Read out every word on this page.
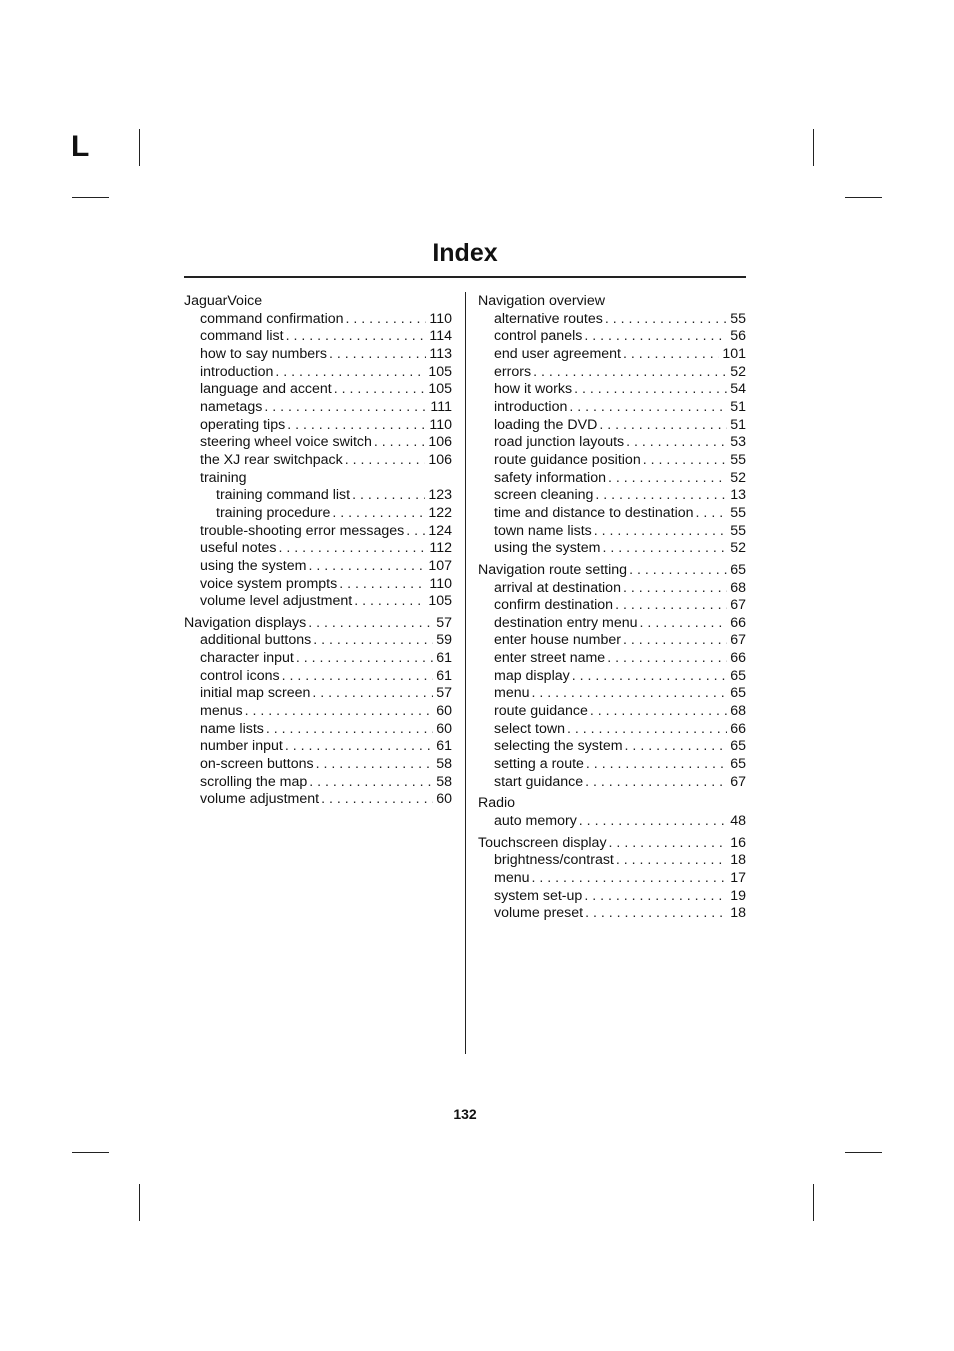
L
Index
JaguarVoice
command confirmation . . .	110
command list . . .	114
how to say numbers . . .	113
introduction . . .	105
language and accent . . .	105
nametags . . .	111
operating tips . . .	110
steering wheel voice switch . . .	106
the XJ rear switchpack . . .	106
training
training command list . . .	123
training procedure . . .	122
trouble-shooting error messages . . . 124
useful notes . . .	112
using the system . . .	107
voice system prompts . . .	110
volume level adjustment . . .	105
Navigation displays . . .	57
additional buttons . . .	59
character input . . .	61
control icons . . .	61
initial map screen . . .	57
menus . . .	60
name lists . . .	60
number input . . .	61
on-screen buttons . . .	58
scrolling the map . . .	58
volume adjustment . . .	60
Navigation overview
alternative routes . . .	55
control panels . . .	56
end user agreement . . .	101
errors . . .	52
how it works . . .	54
introduction . . .	51
loading the DVD . . .	51
road junction layouts . . .	53
route guidance position . . .	55
safety information . . .	52
screen cleaning . . .	13
time and distance to destination . . .	55
town name lists . . .	55
using the system . . .	52
Navigation route setting . . .	65
arrival at destination . . .	68
confirm destination . . .	67
destination entry menu . . .	66
enter house number . . .	67
enter street name . . .	66
map display . . .	65
menu . . .	65
route guidance . . .	68
select town . . .	66
selecting the system . . .	65
setting a route . . .	65
start guidance . . .	67
Radio
auto memory . . .	48
Touchscreen display . . .	16
brightness/contrast . . .	18
menu . . .	17
system set-up . . .	19
volume preset . . .	18
132
